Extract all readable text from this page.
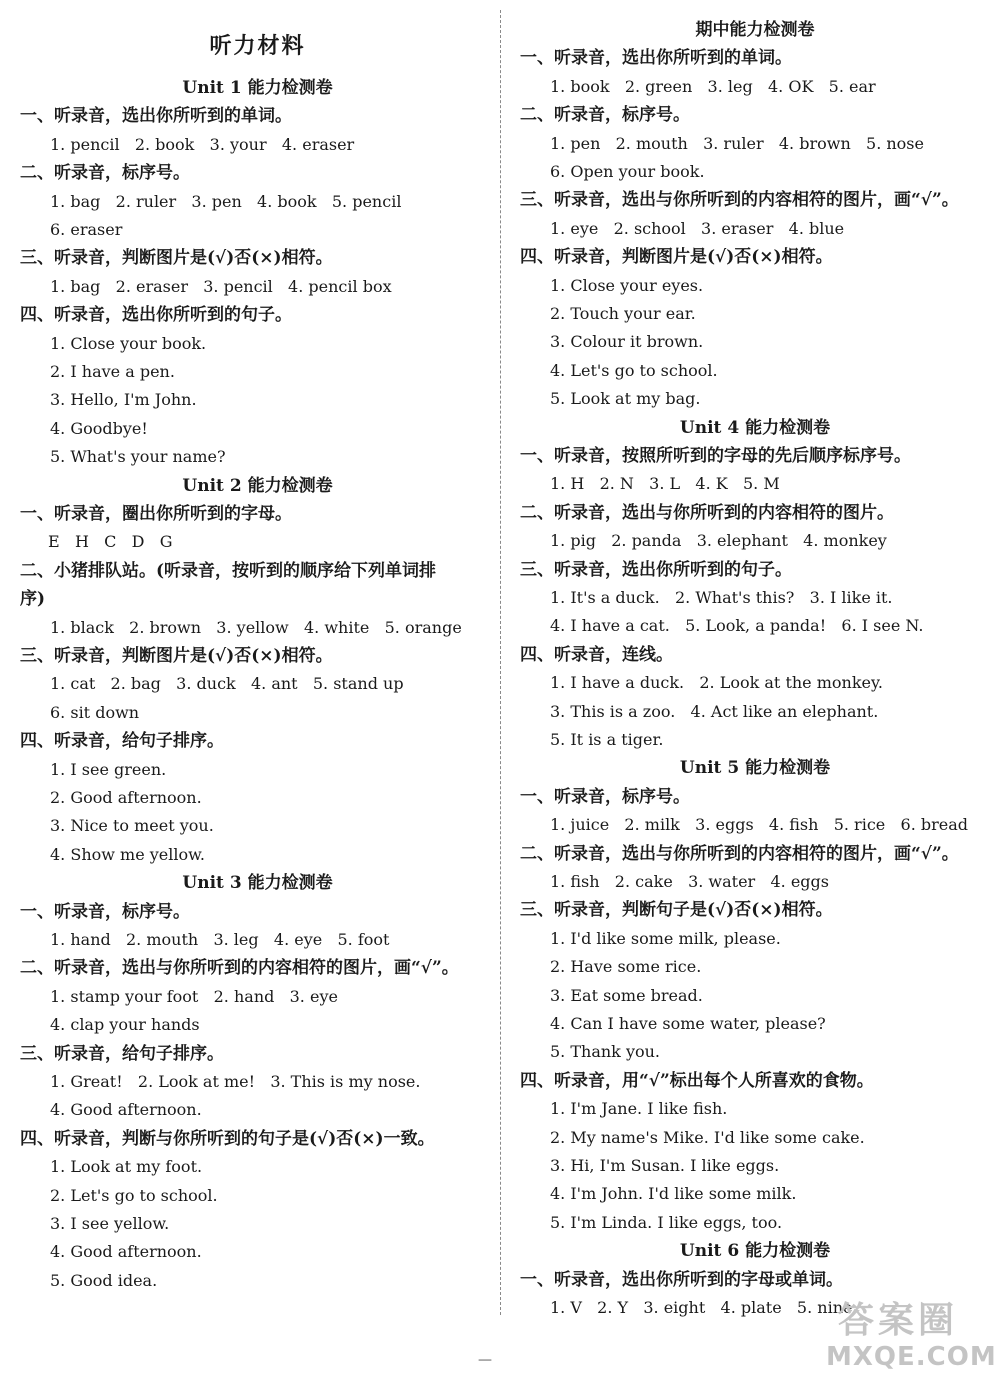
听力材料
Unit 1 能力检测卷
一、听录音，选出你所听到的单词。
1. pencil   2. book   3. your   4. eraser
二、听录音，标序号。
1. bag   2. ruler   3. pen   4. book   5. pencil
6. eraser
三、听录音，判断图片是(√)否(×)相符。
1. bag   2. eraser   3. pencil   4. pencil box
四、听录音，选出你所听到的句子。
1. Close your book.
2. I have a pen.
3. Hello, I'm John.
4. Goodbye!
5. What's your name?
Unit 2 能力检测卷
一、听录音，圈出你所听到的字母。
E   H   C   D   G
二、小猪排队站。(听录音，按听到的顺序给下列单词排
序)
1. black   2. brown   3. yellow   4. white   5. orange
三、听录音，判断图片是(√)否(×)相符。
1. cat   2. bag   3. duck   4. ant   5. stand up
6. sit down
四、听录音，给句子排序。
1. I see green.
2. Good afternoon.
3. Nice to meet you.
4. Show me yellow.
Unit 3 能力检测卷
一、听录音，标序号。
1. hand   2. mouth   3. leg   4. eye   5. foot
二、听录音，选出与你所听到的内容相符的图片，画“√”。
1. stamp your foot   2. hand   3. eye
4. clap your hands
三、听录音，给句子排序。
1. Great!   2. Look at me!   3. This is my nose.
4. Good afternoon.
四、听录音，判断与你所听到的句子是(√)否(×)一致。
1. Look at my foot.
2. Let's go to school.
3. I see yellow.
4. Good afternoon.
5. Good idea.
期中能力检测卷
一、听录音，选出你所听到的单词。
1. book   2. green   3. leg   4. OK   5. ear
二、听录音，标序号。
1. pen   2. mouth   3. ruler   4. brown   5. nose
6. Open your book.
三、听录音，选出与你所听到的内容相符的图片，画“√”。
1. eye   2. school   3. eraser   4. blue
四、听录音，判断图片是(√)否(×)相符。
1. Close your eyes.
2. Touch your ear.
3. Colour it brown.
4. Let's go to school.
5. Look at my bag.
Unit 4 能力检测卷
一、听录音，按照所听到的字母的先后顺序标序号。
1. H   2. N   3. L   4. K   5. M
二、听录音，选出与你所听到的内容相符的图片。
1. pig   2. panda   3. elephant   4. monkey
三、听录音，选出你所听到的句子。
1. It's a duck.   2. What's this?   3. I like it.
4. I have a cat.   5. Look, a panda!   6. I see N.
四、听录音，连线。
1. I have a duck.   2. Look at the monkey.
3. This is a zoo.   4. Act like an elephant.
5. It is a tiger.
Unit 5 能力检测卷
一、听录音，标序号。
1. juice   2. milk   3. eggs   4. fish   5. rice   6. bread
二、听录音，选出与你所听到的内容相符的图片，画“√”。
1. fish   2. cake   3. water   4. eggs
三、听录音，判断句子是(√)否(×)相符。
1. I'd like some milk, please.
2. Have some rice.
3. Eat some bread.
4. Can I have some water, please?
5. Thank you.
四、听录音，用“√”标出每个人所喜欢的食物。
1. I'm Jane. I like fish.
2. My name's Mike. I'd like some cake.
3. Hi, I'm Susan. I like eggs.
4. I'm John. I'd like some milk.
5. I'm Linda. I like eggs, too.
Unit 6 能力检测卷
一、听录音，选出你所听到的字母或单词。
1. V   2. Y   3. eight   4. plate   5. nine
—
答案圈
MXQE.COM
